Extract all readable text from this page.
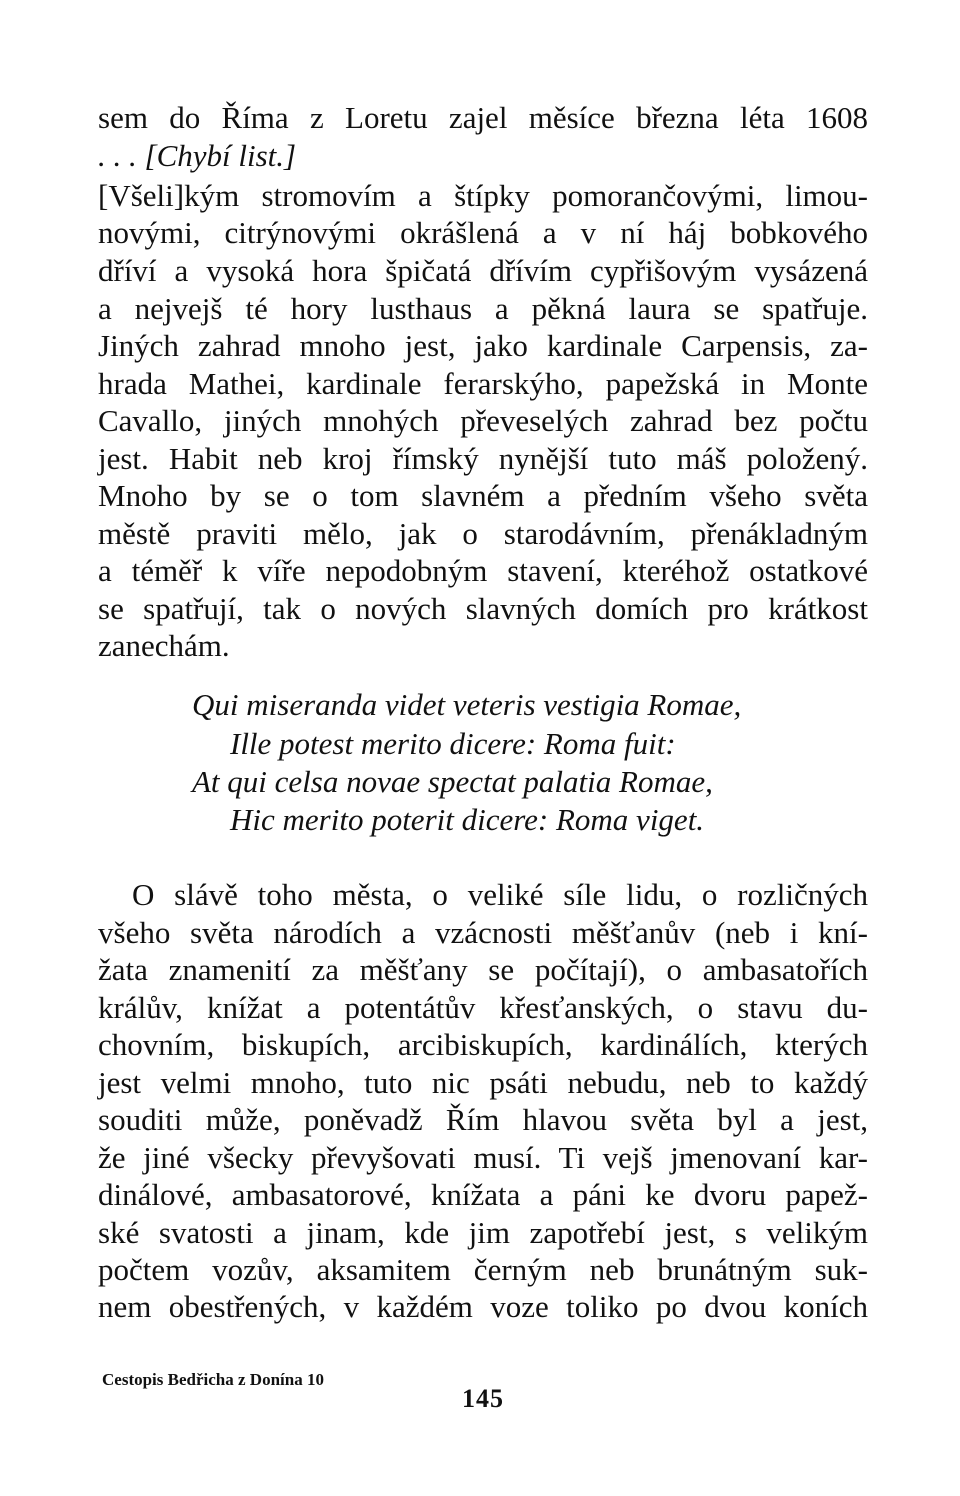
sem do Říma z Loretu zajel měsíce března léta 1608
. . . [Chybí list.]
[Všeli]kým stromovím a štípky pomorančovými, limou-
novými, citrýnovými okrášlená a v ní háj bobkového
dříví a vysoká hora špičatá dřívím cypřišovým vysázená
a nejvejš té hory lusthaus a pěkná laura se spatřuje.
Jiných zahrad mnoho jest, jako kardinale Carpensis, za-
hrada Mathei, kardinale ferarskýho, papežská in Monte
Cavallo, jiných mnohých převeselých zahrad bez počtu
jest. Habit neb kroj římský nynější tuto máš položený.
Mnoho by se o tom slavném a předním všeho světa
městě praviti mělo, jak o starodávním, přenákladným
a téměř k víře nepodobným stavení, kteréhož ostatkové
se spatřují, tak o nových slavných domích pro krátkost
zanechám.
Qui miseranda videt veteris vestigia Romae,
Ille potest merito dicere: Roma fuit:
At qui celsa novae spectat palatia Romae,
Hic merito poterit dicere: Roma viget.
O slávě toho města, o veliké síle lidu, o rozličných
všeho světa národích a vzácnosti měšťanův (neb i kní-
žata znamenití za měšťany se počítají), o ambasatořích
králův, knížat a potentátův křesťanských, o stavu du-
chovním, biskupích, arcibiskupích, kardinálích, kterých
jest velmi mnoho, tuto nic psáti nebudu, neb to každý
souditi může, poněvadž Řím hlavou světa byl a jest,
že jiné všecky převyšovati musí. Ti vejš jmenovaní kar-
dinálové, ambasatorové, knížata a páni ke dvoru papež-
ské svatosti a jinam, kde jim zapotřebí jest, s velikým
počtem vozův, aksamitem černým neb brunátným suk-
nem obestřených, v každém voze toliko po dvou koních
Cestopis Bedřicha z Donína 10
145
